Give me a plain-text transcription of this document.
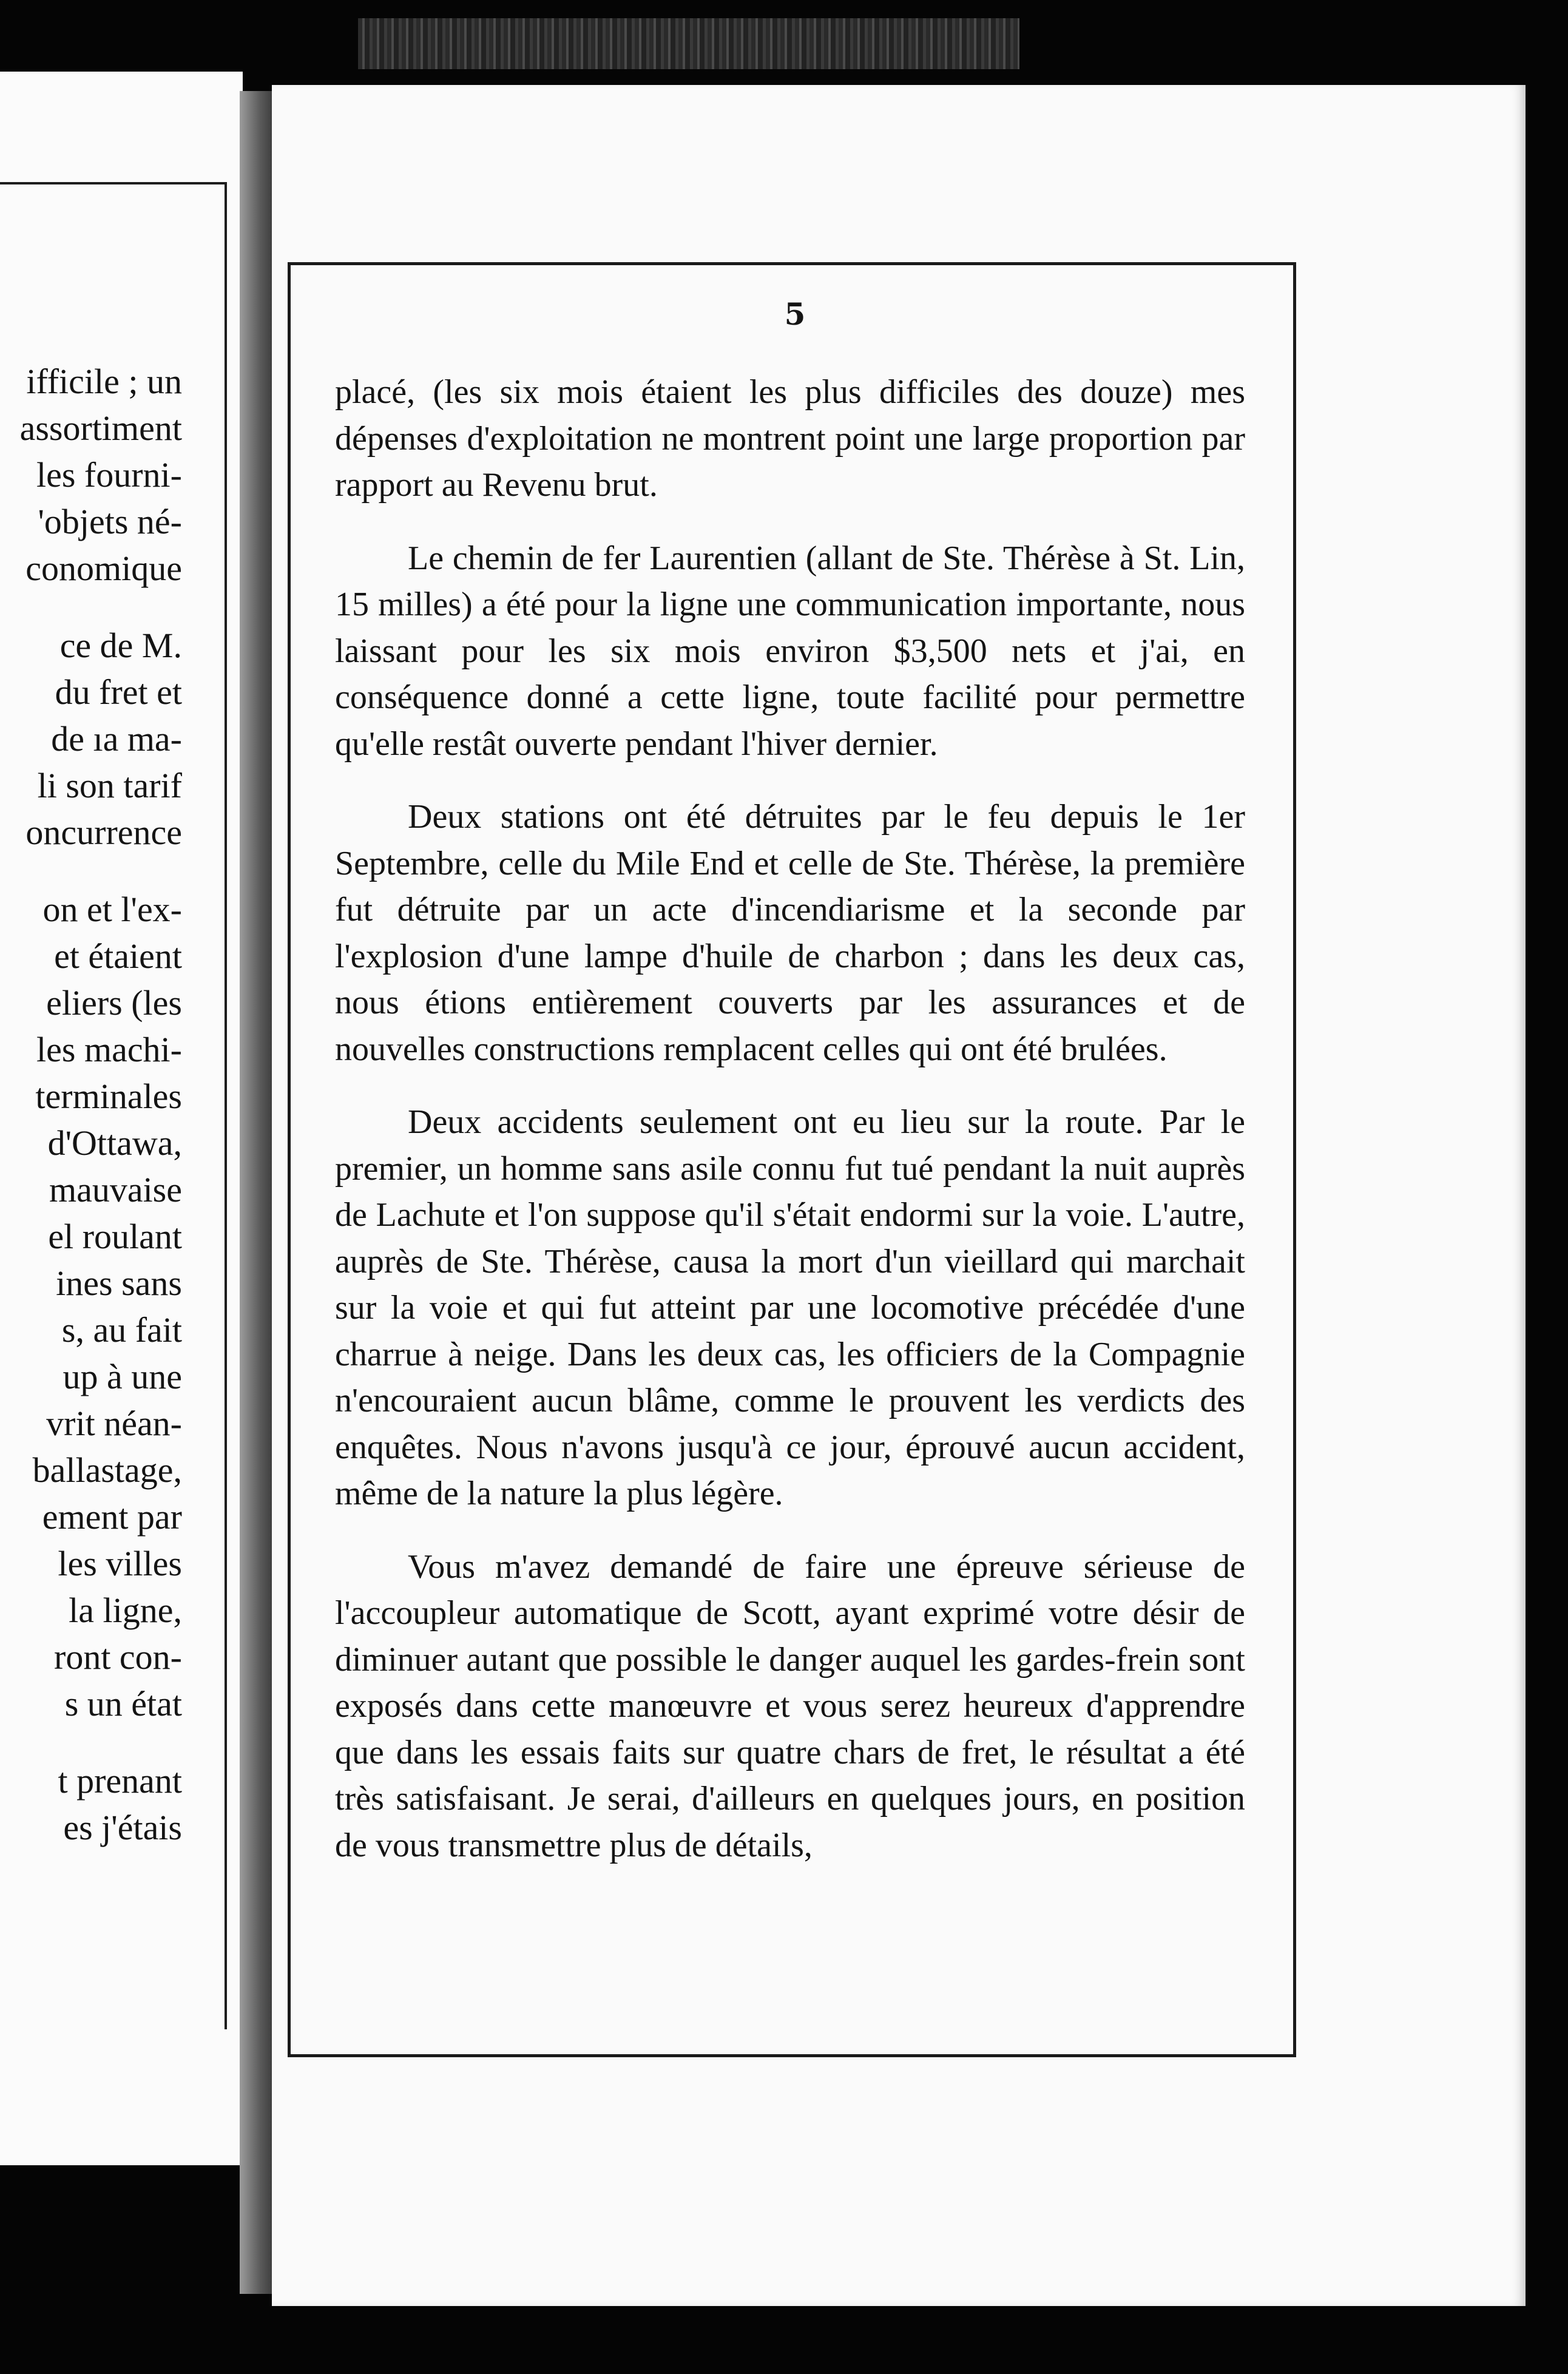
ifficile ; un
assortiment
les fourni-
'objets né-
conomique
ce de M.
du fret et
de ıa ma-
li son tarif
oncurrence
on et l'ex-
et étaient
eliers (les
les machi-
terminales
d'Ottawa,
mauvaise
el roulant
ines sans
s, au fait
up à une
vrit néan-
ballastage,
ement par
les villes
la ligne,
ront con-
s un état
t prenant
es j'étais
5

placé, (les six mois étaient les plus difficiles des douze) mes dépenses d'exploitation ne montrent point une large proportion par rapport au Revenu brut.

Le chemin de fer Laurentien (allant de Ste. Thérèse à St. Lin, 15 milles) a été pour la ligne une communication importante, nous laissant pour les six mois environ $3,500 nets et j'ai, en conséquence donné a cette ligne, toute facilité pour permettre qu'elle restât ouverte pendant l'hiver dernier.

Deux stations ont été détruites par le feu depuis le 1er Septembre, celle du Mile End et celle de Ste. Thérèse, la première fut détruite par un acte d'incendiarisme et la seconde par l'explosion d'une lampe d'huile de charbon ; dans les deux cas, nous étions entièrement couverts par les assurances et de nouvelles constructions remplacent celles qui ont été brulées.

Deux accidents seulement ont eu lieu sur la route. Par le premier, un homme sans asile connu fut tué pendant la nuit auprès de Lachute et l'on suppose qu'il s'était endormi sur la voie. L'autre, auprès de Ste. Thérèse, causa la mort d'un vieillard qui marchait sur la voie et qui fut atteint par une locomotive précédée d'une charrue à neige. Dans les deux cas, les officiers de la Compagnie n'encouraient aucun blâme, comme le prouvent les verdicts des enquêtes. Nous n'avons jusqu'à ce jour, éprouvé aucun accident, même de la nature la plus légère.

Vous m'avez demandé de faire une épreuve sérieuse de l'accoupleur automatique de Scott, ayant exprimé votre désir de diminuer autant que possible le danger auquel les gardes-frein sont exposés dans cette manœuvre et vous serez heureux d'apprendre que dans les essais faits sur quatre chars de fret, le résultat a été très satisfaisant. Je serai, d'ailleurs en quelques jours, en position de vous transmettre plus de détails,
